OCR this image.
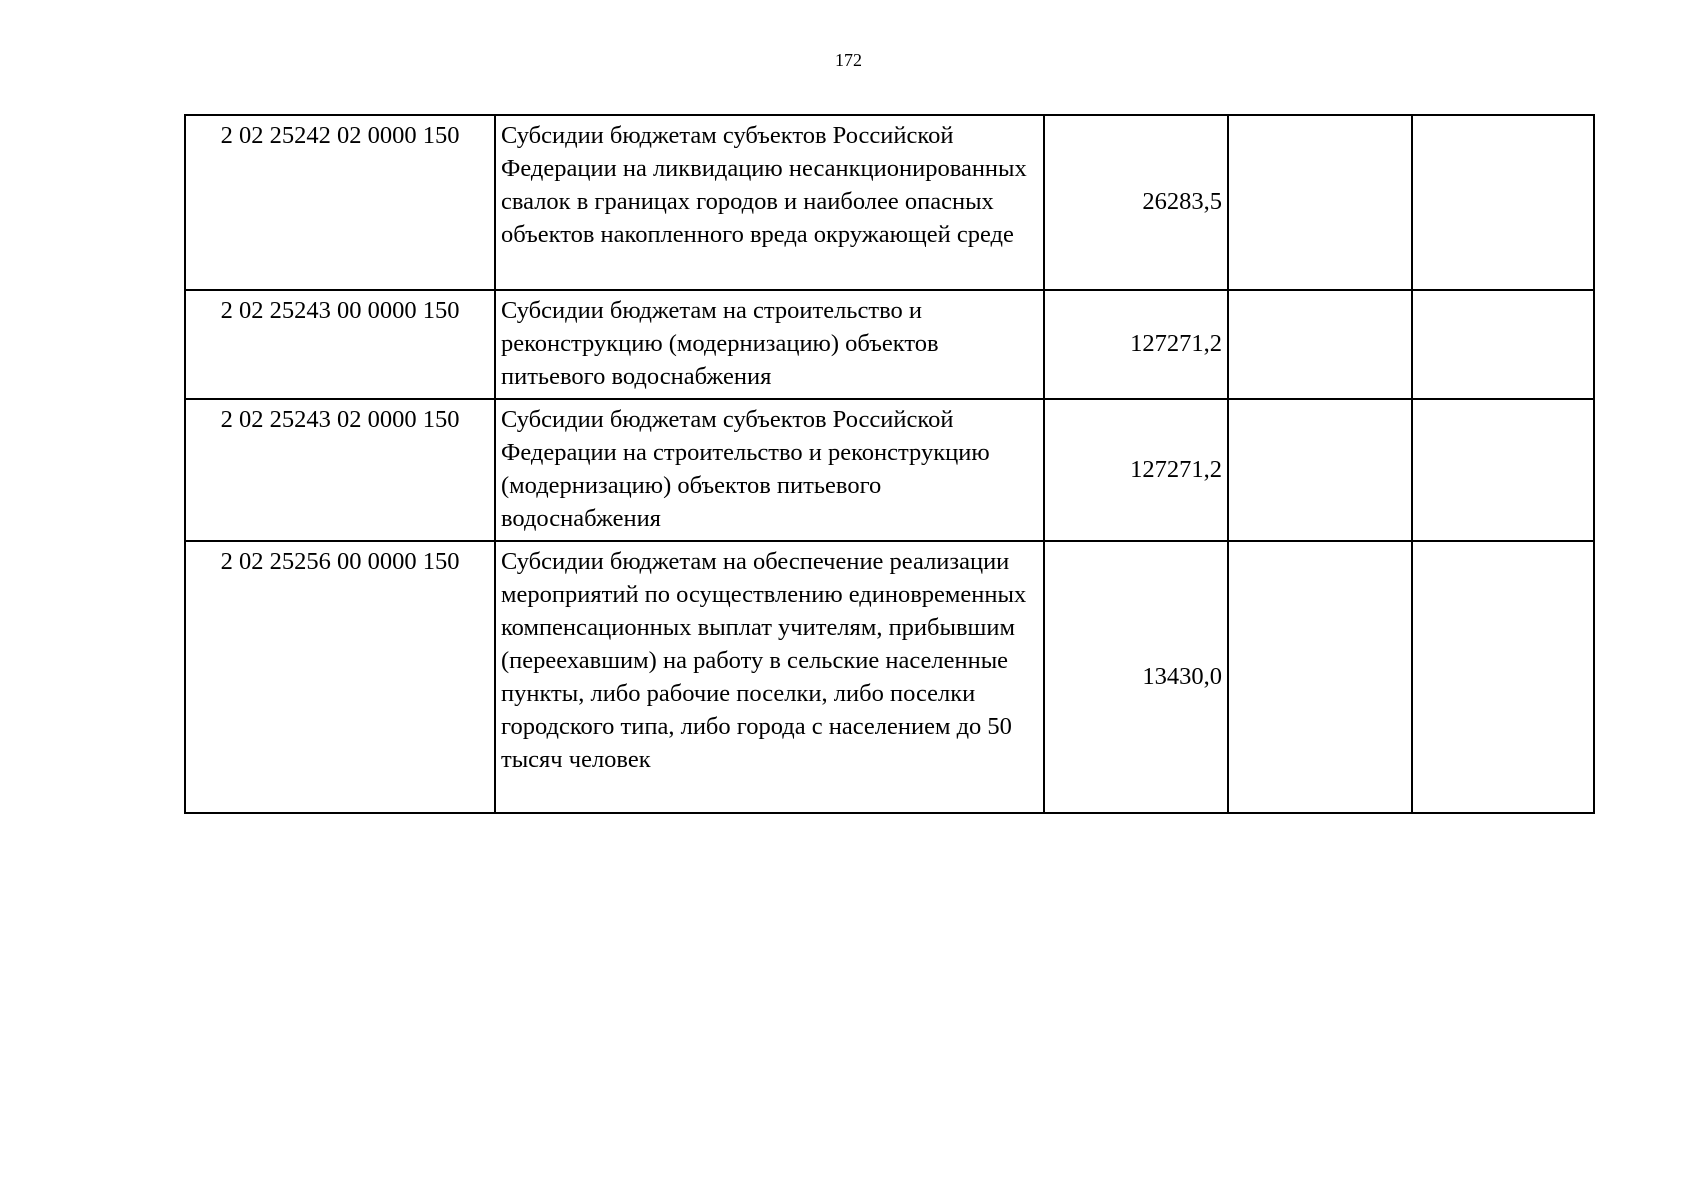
172
2 02 25242 02 0000 150	Субсидии бюджетам субъектов Российской Федерации на ликвидацию несанкционированных свалок в границах городов и наиболее опасных объектов накопленного вреда окружающей среде	26283,5		
2 02 25243 00 0000 150	Субсидии бюджетам на строительство и реконструкцию (модернизацию) объектов питьевого водоснабжения	127271,2		
2 02 25243 02 0000 150	Субсидии бюджетам субъектов Российской Федерации на строительство и реконструкцию (модернизацию) объектов питьевого водоснабжения	127271,2		
2 02 25256 00 0000 150	Субсидии бюджетам на обеспечение реализации мероприятий по осуществлению единовременных компенсационных выплат учителям, прибывшим (переехавшим) на работу в сельские населенные пункты, либо рабочие поселки, либо поселки городского типа, либо города с населением до 50 тысяч человек	13430,0		
